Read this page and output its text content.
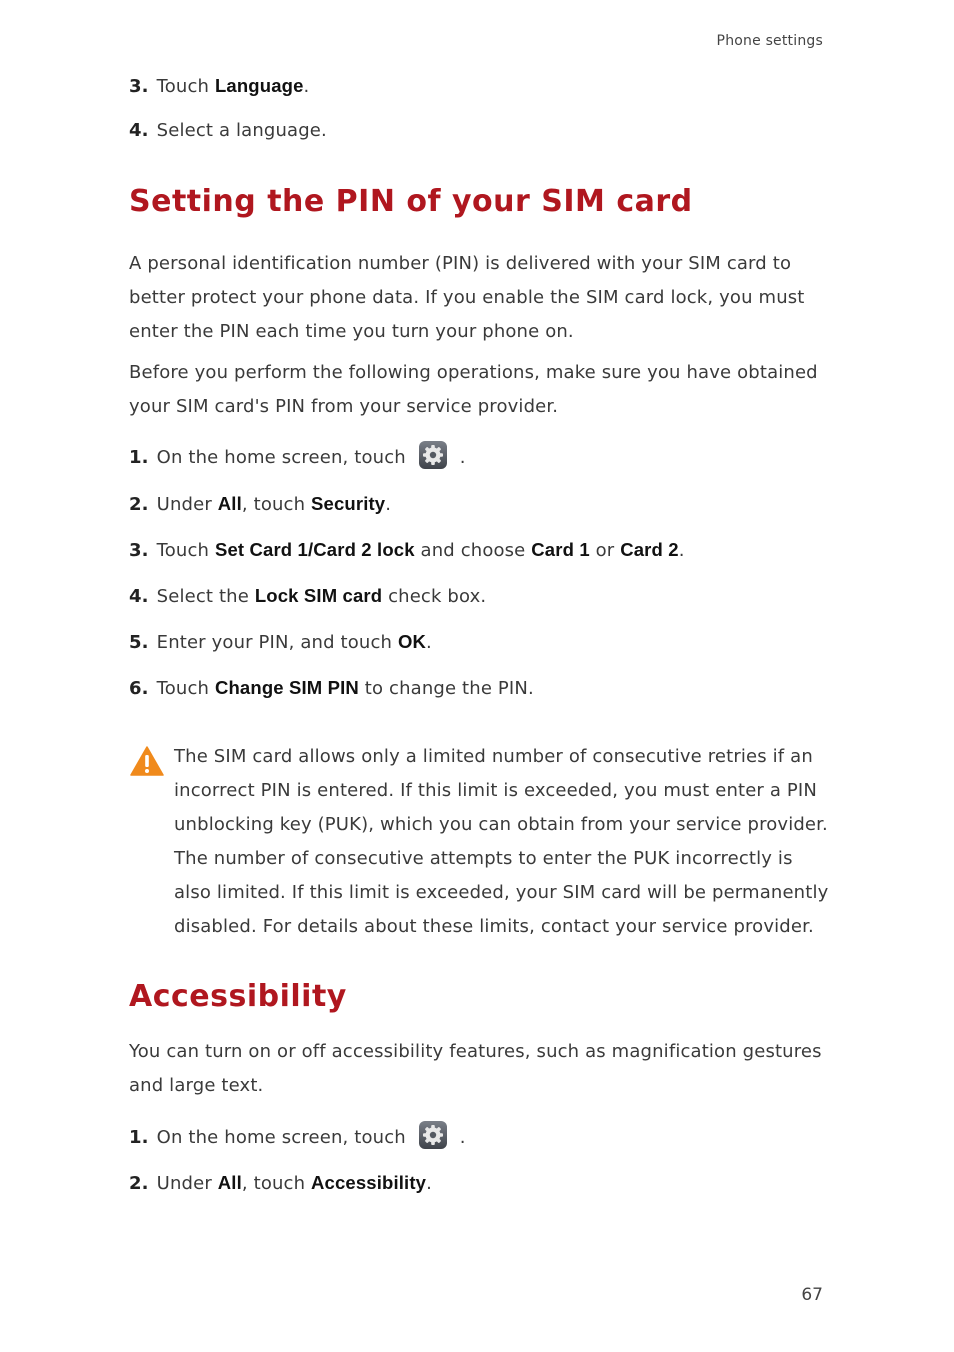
Phone settings
3. Touch Language.
4. Select a language.
Setting the PIN of your SIM card

A personal identification number (PIN) is delivered with your SIM card to better protect your phone data. If you enable the SIM card lock, you must enter the PIN each time you turn your phone on.

Before you perform the following operations, make sure you have obtained your SIM card's PIN from your service provider.

1. On the home screen, touch	.
2. Under All, touch Security.
3. Touch Set Card 1/Card 2 lock and choose Card 1 or Card 2.
4. Select the Lock SIM card check box.
5. Enter your PIN, and touch OK.
6. Touch Change SIM PIN to change the PIN.

The SIM card allows only a limited number of consecutive retries if an incorrect PIN is entered. If this limit is exceeded, you must enter a PIN unblocking key (PUK), which you can obtain from your service provider. The number of consecutive attempts to enter the PUK incorrectly is also limited. If this limit is exceeded, your SIM card will be permanently disabled. For details about these limits, contact your service provider.

Accessibility

You can turn on or off accessibility features, such as magnification gestures and large text.

1. On the home screen, touch	.
2. Under All, touch Accessibility.
67
